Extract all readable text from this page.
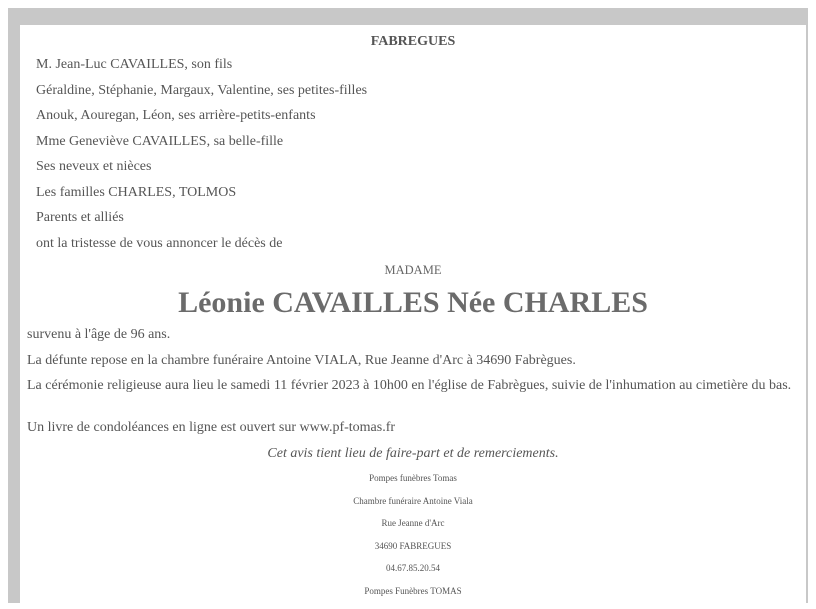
FABREGUES
M. Jean-Luc CAVAILLES, son fils
Géraldine, Stéphanie, Margaux, Valentine, ses petites-filles
Anouk, Aouregan, Léon, ses arrière-petits-enfants
Mme Geneviève CAVAILLES, sa belle-fille
Ses neveux et nièces
Les familles CHARLES, TOLMOS
Parents et alliés
ont la tristesse de vous annoncer le décès de
MADAME
Léonie CAVAILLES Née CHARLES
survenu à l'âge de 96 ans.
La défunte repose en la chambre funéraire Antoine VIALA, Rue Jeanne d'Arc à 34690 Fabrègues.
La cérémonie religieuse aura lieu le samedi 11 février 2023 à 10h00 en l'église de Fabrègues, suivie de l'inhumation au cimetière du bas.
Un livre de condoléances en ligne est ouvert sur www.pf-tomas.fr
Cet avis tient lieu de faire-part et de remerciements.
Pompes funèbres Tomas
Chambre funéraire Antoine Viala
Rue Jeanne d'Arc
34690 FABREGUES
04.67.85.20.54
Pompes Funèbres TOMAS
